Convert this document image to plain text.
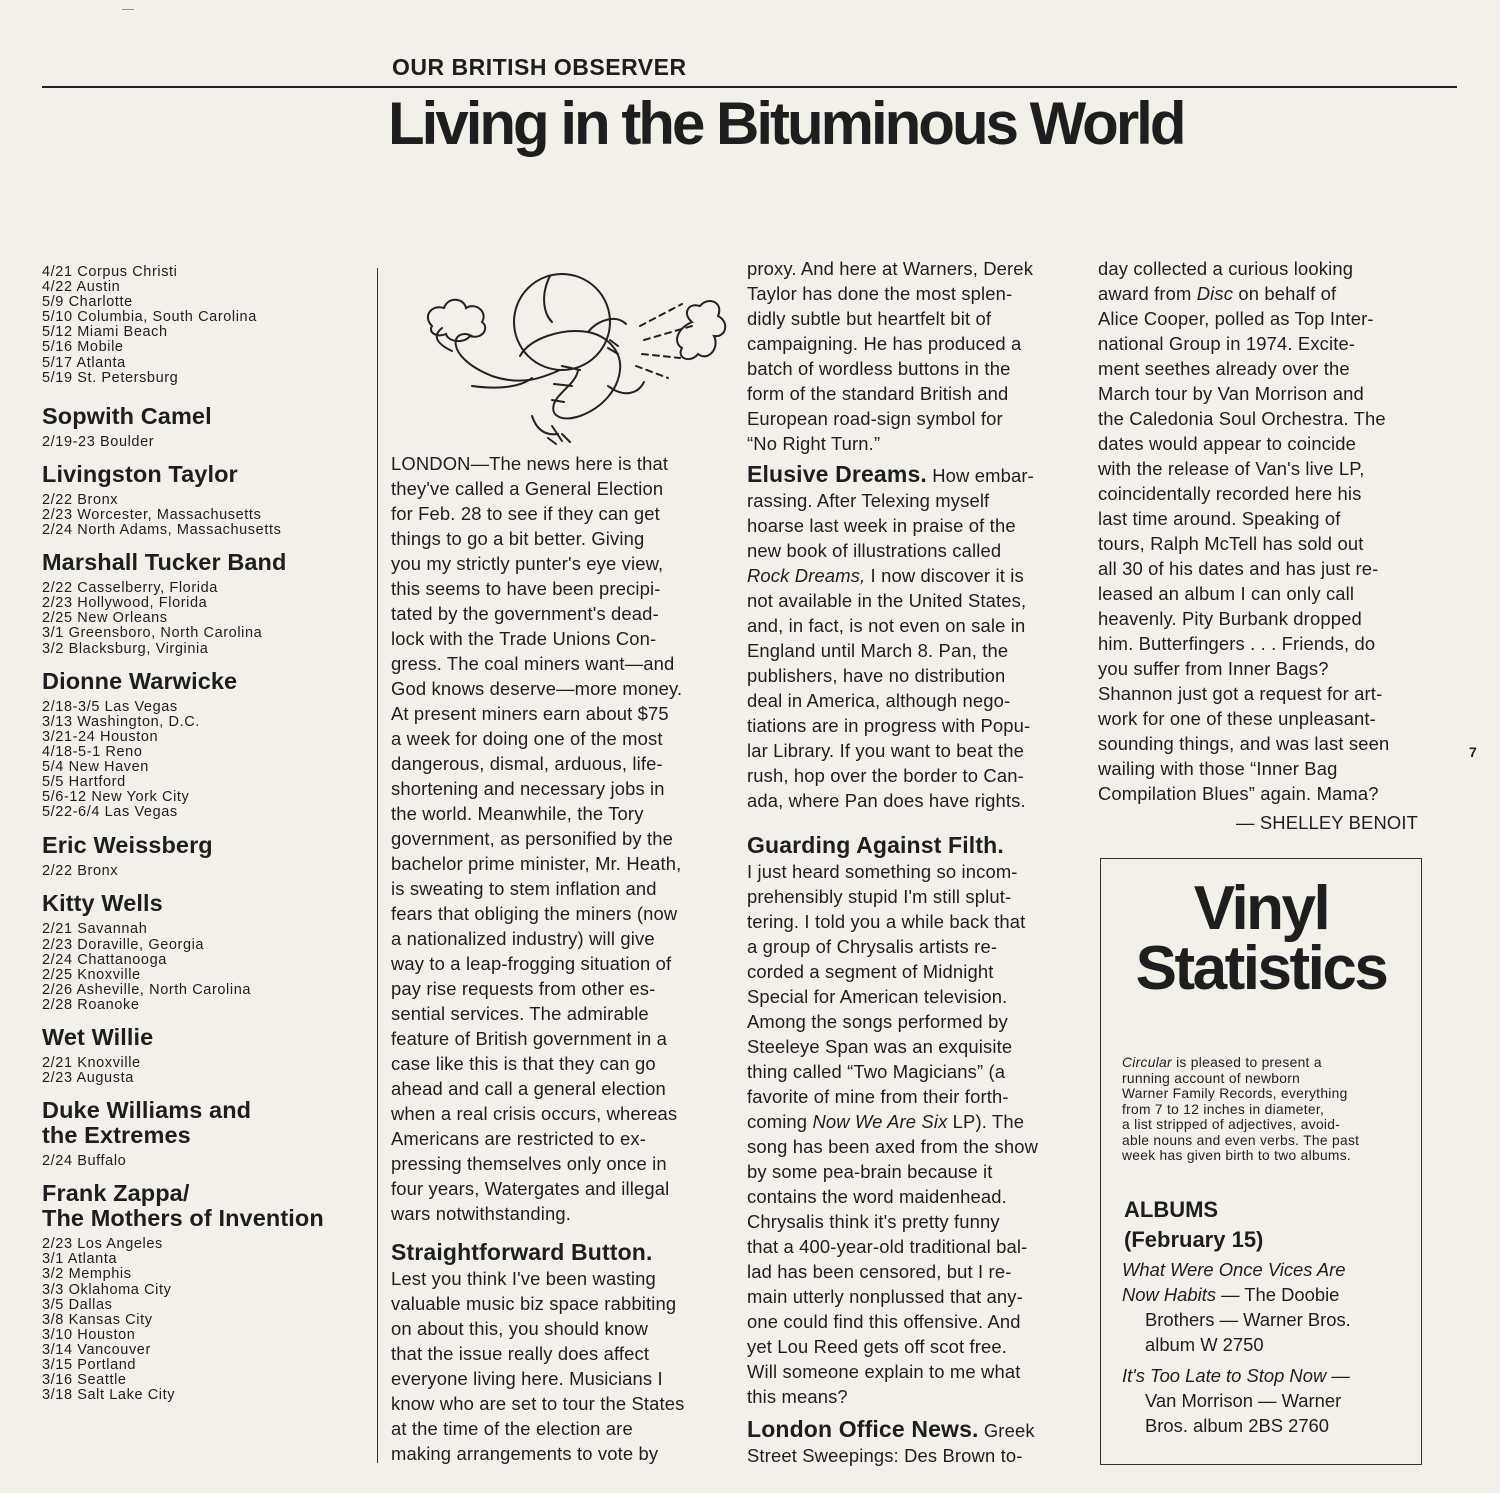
OUR BRITISH OBSERVER
Living in the Bituminous World
4/21 Corpus Christi
4/22 Austin
5/9 Charlotte
5/10 Columbia, South Carolina
5/12 Miami Beach
5/16 Mobile
5/17 Atlanta
5/19 St. Petersburg
Sopwith Camel
2/19-23 Boulder
Livingston Taylor
2/22 Bronx
2/23 Worcester, Massachusetts
2/24 North Adams, Massachusetts
Marshall Tucker Band
2/22 Casselberry, Florida
2/23 Hollywood, Florida
2/25 New Orleans
3/1 Greensboro, North Carolina
3/2 Blacksburg, Virginia
Dionne Warwicke
2/18-3/5 Las Vegas
3/13 Washington, D.C.
3/21-24 Houston
4/18-5-1 Reno
5/4 New Haven
5/5 Hartford
5/6-12 New York City
5/22-6/4 Las Vegas
Eric Weissberg
2/22 Bronx
Kitty Wells
2/21 Savannah
2/23 Doraville, Georgia
2/24 Chattanooga
2/25 Knoxville
2/26 Asheville, North Carolina
2/28 Roanoke
Wet Willie
2/21 Knoxville
2/23 Augusta
Duke Williams and
the Extremes
2/24 Buffalo
Frank Zappa/
The Mothers of Invention
2/23 Los Angeles
3/1 Atlanta
3/2 Memphis
3/3 Oklahoma City
3/5 Dallas
3/8 Kansas City
3/10 Houston
3/14 Vancouver
3/15 Portland
3/16 Seattle
3/18 Salt Lake City

LONDON—The news here is that
they've called a General Election
for Feb. 28 to see if they can get
things to go a bit better. Giving
you my strictly punter's eye view,
this seems to have been precipi-
tated by the government's dead-
lock with the Trade Unions Con-
gress. The coal miners want—and
God knows deserve—more money.
At present miners earn about $75
a week for doing one of the most
dangerous, dismal, arduous, life-
shortening and necessary jobs in
the world. Meanwhile, the Tory
government, as personified by the
bachelor prime minister, Mr. Heath,
is sweating to stem inflation and
fears that obliging the miners (now
a nationalized industry) will give
way to a leap-frogging situation of
pay rise requests from other es-
sential services. The admirable
feature of British government in a
case like this is that they can go
ahead and call a general election
when a real crisis occurs, whereas
Americans are restricted to ex-
pressing themselves only once in
four years, Watergates and illegal
wars notwithstanding.

Straightforward Button.

Lest you think I've been wasting
valuable music biz space rabbiting
on about this, you should know
that the issue really does affect
everyone living here. Musicians I
know who are set to tour the States
at the time of the election are
making arrangements to vote by

proxy. And here at Warners, Derek
Taylor has done the most splen-
didly subtle but heartfelt bit of
campaigning. He has produced a
batch of wordless buttons in the
form of the standard British and
European road-sign symbol for
“No Right Turn.”

Elusive Dreams. How embar-
rassing. After Telexing myself
hoarse last week in praise of the
new book of illustrations called
Rock Dreams, I now discover it is
not available in the United States,
and, in fact, is not even on sale in
England until March 8. Pan, the
publishers, have no distribution
deal in America, although nego-
tiations are in progress with Popu-
lar Library. If you want to beat the
rush, hop over the border to Can-
ada, where Pan does have rights.

Guarding Against Filth.
I just heard something so incom-
prehensibly stupid I'm still splut-
tering. I told you a while back that
a group of Chrysalis artists re-
corded a segment of Midnight
Special for American television.
Among the songs performed by
Steeleye Span was an exquisite
thing called “Two Magicians” (a
favorite of mine from their forth-
coming Now We Are Six LP). The
song has been axed from the show
by some pea-brain because it
contains the word maidenhead.
Chrysalis think it's pretty funny
that a 400-year-old traditional bal-
lad has been censored, but I re-
main utterly nonplussed that any-
one could find this offensive. And
yet Lou Reed gets off scot free.
Will someone explain to me what
this means?

London Office News. Greek
Street Sweepings: Des Brown to-

day collected a curious looking
award from Disc on behalf of
Alice Cooper, polled as Top Inter-
national Group in 1974. Excite-
ment seethes already over the
March tour by Van Morrison and
the Caledonia Soul Orchestra. The
dates would appear to coincide
with the release of Van's live LP,
coincidentally recorded here his
last time around. Speaking of
tours, Ralph McTell has sold out
all 30 of his dates and has just re-
leased an album I can only call
heavenly. Pity Burbank dropped
him. Butterfingers . . . Friends, do
you suffer from Inner Bags?
Shannon just got a request for art-
work for one of these unpleasant-
sounding things, and was last seen
wailing with those “Inner Bag
Compilation Blues” again. Mama?

— SHELLEY BENOIT

Vinyl
Statistics

Circular is pleased to present a
running account of newborn
Warner Family Records, everything
from 7 to 12 inches in diameter,
a list stripped of adjectives, avoid-
able nouns and even verbs. The past
week has given birth to two albums.

ALBUMS
(February 15)
What Were Once Vices Are
Now Habits — The Doobie
Brothers — Warner Bros.
album W 2750
It's Too Late to Stop Now —
Van Morrison — Warner
Bros. album 2BS 2760
7
